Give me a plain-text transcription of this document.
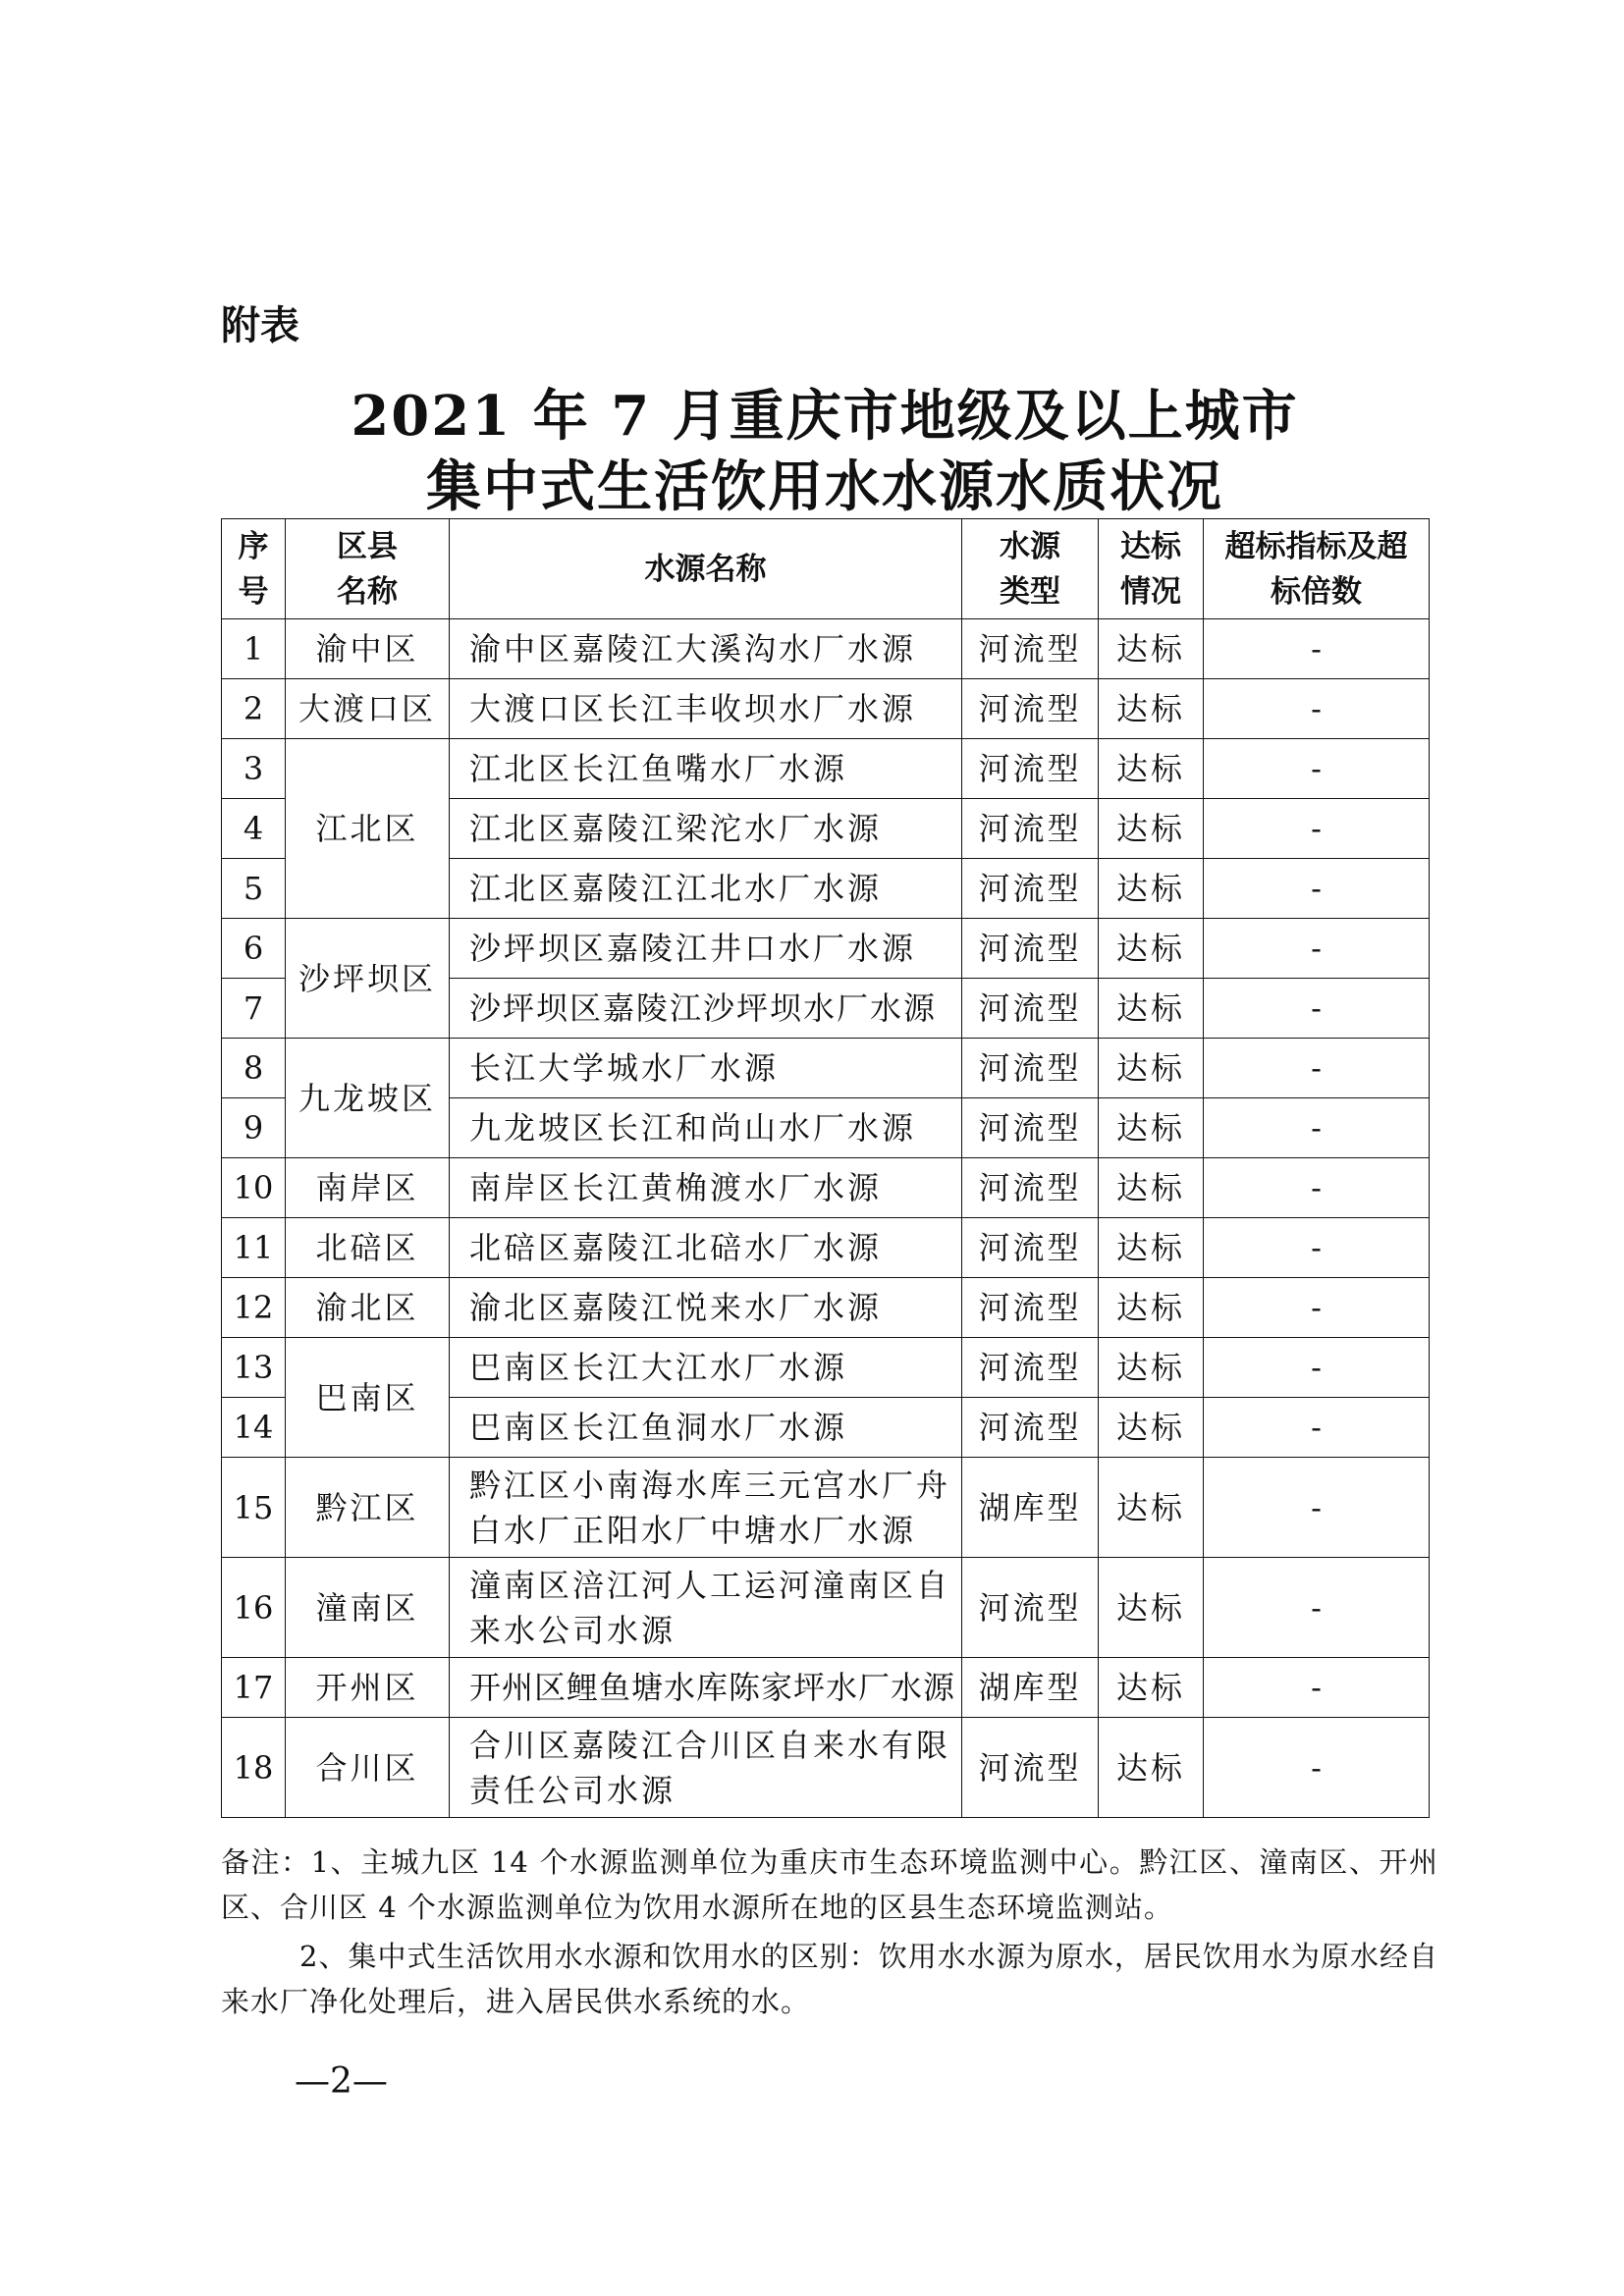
附表
2021 年 7 月重庆市地级及以上城市
集中式生活饮用水水源水质状况
序号	区县名称	水源名称	水源类型	达标情况	超标指标及超标倍数
1	渝中区	渝中区嘉陵江大溪沟水厂水源	河流型	达标	-
2	大渡口区	大渡口区长江丰收坝水厂水源	河流型	达标	-
3	江北区	江北区长江鱼嘴水厂水源	河流型	达标	-
4		江北区嘉陵江梁沱水厂水源	河流型	达标	-
5		江北区嘉陵江江北水厂水源	河流型	达标	-
6	沙坪坝区	沙坪坝区嘉陵江井口水厂水源	河流型	达标	-
7		沙坪坝区嘉陵江沙坪坝水厂水源	河流型	达标	-
8	九龙坡区	长江大学城水厂水源	河流型	达标	-
9		九龙坡区长江和尚山水厂水源	河流型	达标	-
10	南岸区	南岸区长江黄桷渡水厂水源	河流型	达标	-
11	北碚区	北碚区嘉陵江北碚水厂水源	河流型	达标	-
12	渝北区	渝北区嘉陵江悦来水厂水源	河流型	达标	-
13	巴南区	巴南区长江大江水厂水源	河流型	达标	-
14		巴南区长江鱼洞水厂水源	河流型	达标	-
15	黔江区	黔江区小南海水库三元宫水厂舟白水厂正阳水厂中塘水厂水源	湖库型	达标	-
16	潼南区	潼南区涪江河人工运河潼南区自来水公司水源	河流型	达标	-
17	开州区	开州区鲤鱼塘水库陈家坪水厂水源	湖库型	达标	-
18	合川区	合川区嘉陵江合川区自来水有限责任公司水源	河流型	达标	-

备注：1、主城九区 14 个水源监测单位为重庆市生态环境监测中心。黔江区、潼南区、开州区、合川区 4 个水源监测单位为饮用水源所在地的区县生态环境监测站。

2、集中式生活饮用水水源和饮用水的区别：饮用水水源为原水，居民饮用水为原水经自来水厂净化处理后，进入居民供水系统的水。

—2—
